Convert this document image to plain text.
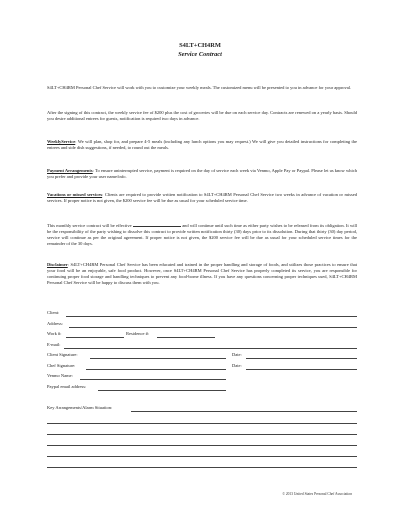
S4LT+CH4RM
Service Contract
S4LT+CH4RM Personal Chef Service will work with you to customize your weekly meals. The customized menu will be presented to you in advance for your approval.
After the signing of this contract, the weekly service fee of $200 plus the cost of groceries will be due on each service day. Contracts are renewed on a yearly basis. Should you desire additional entrees for guests, notification is required two days in advance.
WeeklyService: We will plan, shop for, and prepare 4-5 meals (including any lunch options you may request.) We will give you detailed instructions for completing the entrees and side dish suggestions, if needed, to round out the meals.
Payment Arrangements: To ensure uninterrupted service, payment is required on the day of service each week via Venmo, Apple Pay or Paypal. Please let us know which you prefer and provide your user name/info.
Vacations or missed services: Clients are required to provide written notification to S4LT+CH4RM Personal Chef Service two weeks in advance of vacation or missed services. If proper notice is not given, the $200 service fee will be due as usual for your scheduled service time.
This monthly service contract will be effective	and will continue until such time as either party wishes to be released from its obligation. It will be the responsibility of the party wishing to dissolve this contract to provide written notification thirty (30) days prior to its dissolution. During that thirty (30) day period, service will continue as per the original agreement. If proper notice is not given, the $200 service fee will be due as usual for your scheduled service times for the remainder of the 30 days.
Disclaimer: S4LT+CH4RM Personal Chef Service has been educated and trained in the proper handling and storage of foods, and utilizes those practices to ensure that your food will be an enjoyable, safe food product. However, once S4LT+CH4RM Personal Chef Service has properly completed its service, you are responsible for continuing proper food storage and handling techniques to prevent any food-borne illness. If you have any questions concerning proper techniques used, S4LT+CH4RM Personal Chef Service will be happy to discuss them with you.
Client:
Address:
Work #:	Residence #:
E-mail:
Client Signature:	Date:
Chef Signature:	Date:
Venmo Name:
Paypal email address:
Key Arrangements/Alarm Situation:
© 2013 United States Personal Chef Association
